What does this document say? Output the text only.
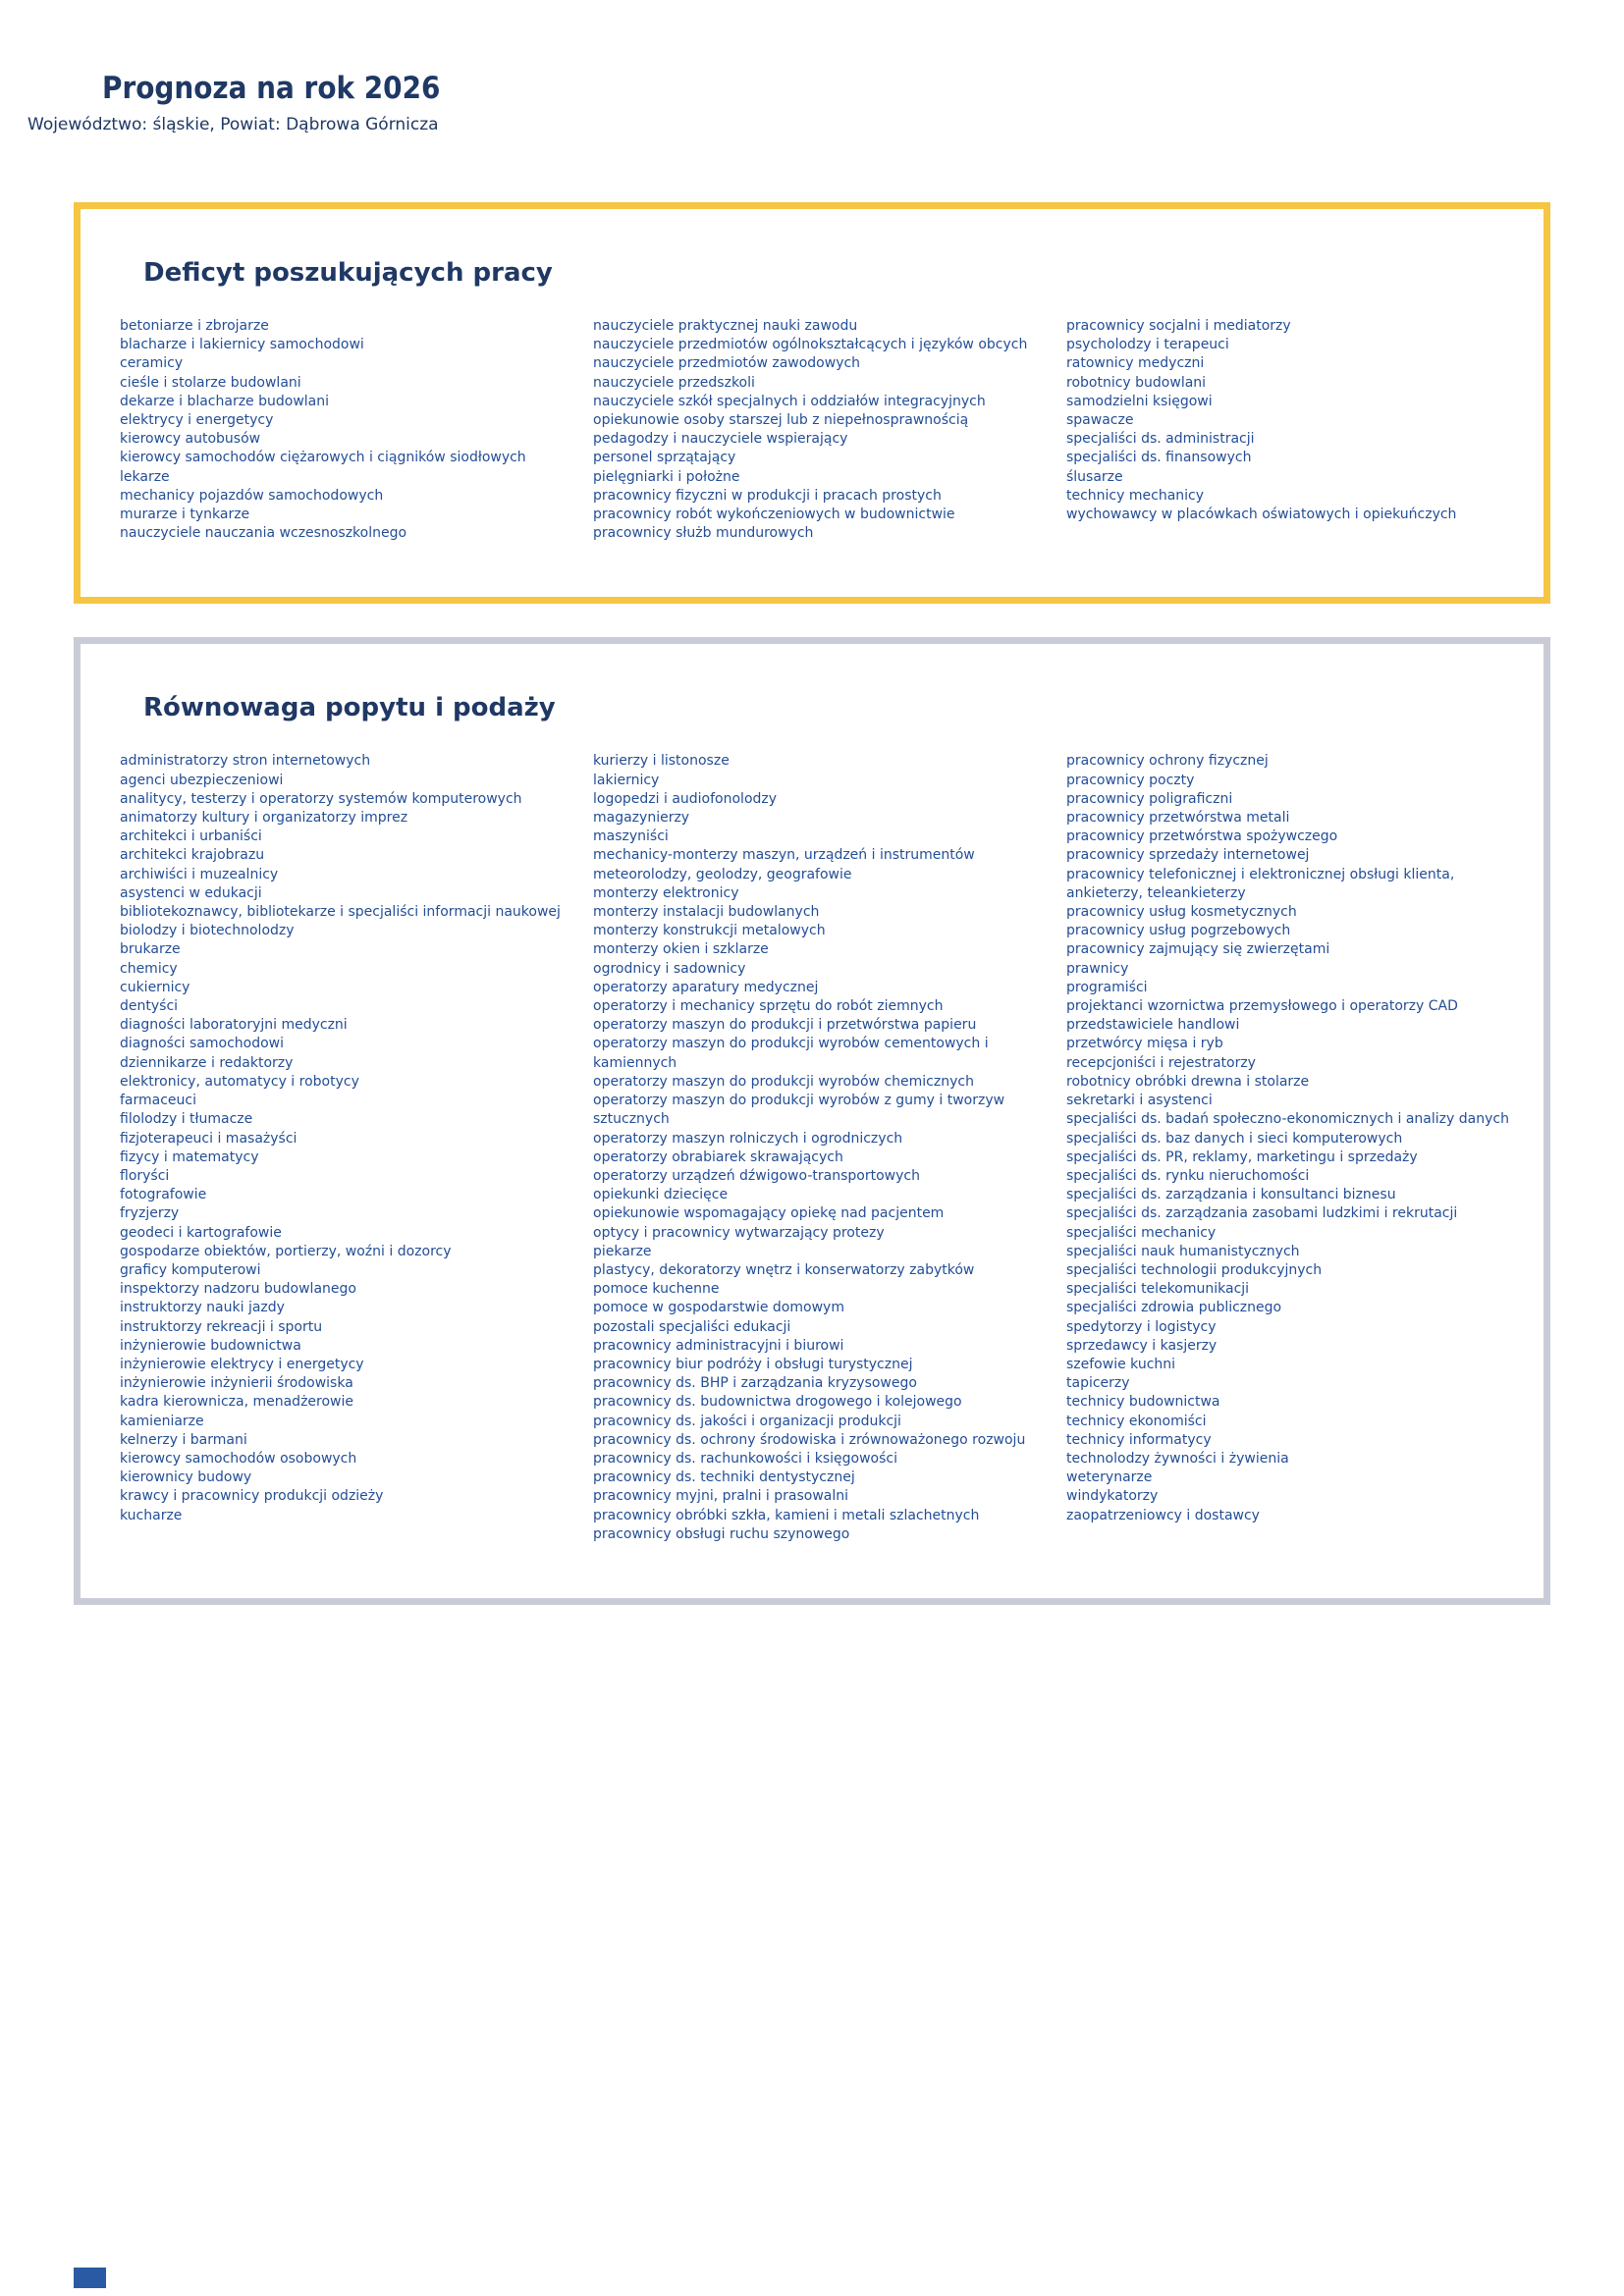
Prognoza na rok 2026

Województwo: śląskie, Powiat: Dąbrowa Górnicza

Deficyt poszukujących pracy
betoniarze i zbrojarze
blacharze i lakiernicy samochodowi
ceramicy
cieśle i stolarze budowlani
dekarze i blacharze budowlani
elektrycy i energetycy
kierowcy autobusów
kierowcy samochodów ciężarowych i ciągników siodłowych
lekarze
mechanicy pojazdów samochodowych
murarze i tynkarze
nauczyciele nauczania wczesnoszkolnego
nauczyciele praktycznej nauki zawodu
nauczyciele przedmiotów ogólnokształcących i języków obcych
nauczyciele przedmiotów zawodowych
nauczyciele przedszkoli
nauczyciele szkół specjalnych i oddziałów integracyjnych
opiekunowie osoby starszej lub z niepełnosprawnością
pedagodzy i nauczyciele wspierający
personel sprzątający
pielęgniarki i położne
pracownicy fizyczni w produkcji i pracach prostych
pracownicy robót wykończeniowych w budownictwie
pracownicy służb mundurowych
pracownicy socjalni i mediatorzy
psycholodzy i terapeuci
ratownicy medyczni
robotnicy budowlani
samodzielni księgowi
spawacze
specjaliści ds. administracji
specjaliści ds. finansowych
ślusarze
technicy mechanicy
wychowawcy w placówkach oświatowych i opiekuńczych
Równowaga popytu i podaży
administratorzy stron internetowych
agenci ubezpieczeniowi
analitycy, testerzy i operatorzy systemów komputerowych
animatorzy kultury i organizatorzy imprez
architekci i urbaniści
architekci krajobrazu
archiwiści i muzealnicy
asystenci w edukacji
bibliotekoznawcy, bibliotekarze i specjaliści informacji naukowej
biolodzy i biotechnolodzy
brukarze
chemicy
cukiernicy
dentyści
diagności laboratoryjni medyczni
diagności samochodowi
dziennikarze i redaktorzy
elektronicy, automatycy i robotycy
farmaceuci
filolodzy i tłumacze
fizjoterapeuci i masażyści
fizycy i matematycy
floryści
fotografowie
fryzjerzy
geodeci i kartografowie
gospodarze obiektów, portierzy, woźni i dozorcy
graficy komputerowi
inspektorzy nadzoru budowlanego
instruktorzy nauki jazdy
instruktorzy rekreacji i sportu
inżynierowie budownictwa
inżynierowie elektrycy i energetycy
inżynierowie inżynierii środowiska
kadra kierownicza, menadżerowie
kamieniarze
kelnerzy i barmani
kierowcy samochodów osobowych
kierownicy budowy
krawcy i pracownicy produkcji odzieży
kucharze
kurierzy i listonosze
lakiernicy
logopedzi i audiofonolodzy
magazynierzy
maszyniści
mechanicy-monterzy maszyn, urządzeń i instrumentów
meteorolodzy, geolodzy, geografowie
monterzy elektronicy
monterzy instalacji budowlanych
monterzy konstrukcji metalowych
monterzy okien i szklarze
ogrodnicy i sadownicy
operatorzy aparatury medycznej
operatorzy i mechanicy sprzętu do robót ziemnych
operatorzy maszyn do produkcji i przetwórstwa papieru
operatorzy maszyn do produkcji wyrobów cementowych i kamiennych
operatorzy maszyn do produkcji wyrobów chemicznych
operatorzy maszyn do produkcji wyrobów z gumy i tworzyw sztucznych
operatorzy maszyn rolniczych i ogrodniczych
operatorzy obrabiarek skrawających
operatorzy urządzeń dźwigowo-transportowych
opiekunki dziecięce
opiekunowie wspomagający opiekę nad pacjentem
optycy i pracownicy wytwarzający protezy
piekarze
plastycy, dekoratorzy wnętrz i konserwatorzy zabytków
pomoce kuchenne
pomoce w gospodarstwie domowym
pozostali specjaliści edukacji
pracownicy administracyjni i biurowi
pracownicy biur podróży i obsługi turystycznej
pracownicy ds. BHP i zarządzania kryzysowego
pracownicy ds. budownictwa drogowego i kolejowego
pracownicy ds. jakości i organizacji produkcji
pracownicy ds. ochrony środowiska i zrównoważonego rozwoju
pracownicy ds. rachunkowości i księgowości
pracownicy ds. techniki dentystycznej
pracownicy myjni, pralni i prasowalni
pracownicy obróbki szkła, kamieni i metali szlachetnych
pracownicy obsługi ruchu szynowego
pracownicy ochrony fizycznej
pracownicy poczty
pracownicy poligraficzni
pracownicy przetwórstwa metali
pracownicy przetwórstwa spożywczego
pracownicy sprzedaży internetowej
pracownicy telefonicznej i elektronicznej obsługi klienta, ankieterzy, teleankieterzy
pracownicy usług kosmetycznych
pracownicy usług pogrzebowych
pracownicy zajmujący się zwierzętami
prawnicy
programiści
projektanci wzornictwa przemysłowego i operatorzy CAD
przedstawiciele handlowi
przetwórcy mięsa i ryb
recepcjoniści i rejestratorzy
robotnicy obróbki drewna i stolarze
sekretarki i asystenci
specjaliści ds. badań społeczno-ekonomicznych i analizy danych
specjaliści ds. baz danych i sieci komputerowych
specjaliści ds. PR, reklamy, marketingu i sprzedaży
specjaliści ds. rynku nieruchomości
specjaliści ds. zarządzania i konsultanci biznesu
specjaliści ds. zarządzania zasobami ludzkimi i rekrutacji
specjaliści mechanicy
specjaliści nauk humanistycznych
specjaliści technologii produkcyjnych
specjaliści telekomunikacji
specjaliści zdrowia publicznego
spedytorzy i logistycy
sprzedawcy i kasjerzy
szefowie kuchni
tapicerzy
technicy budownictwa
technicy ekonomiści
technicy informatycy
technolodzy żywności i żywienia
weterynarze
windykatorzy
zaopatrzeniowcy i dostawcy
